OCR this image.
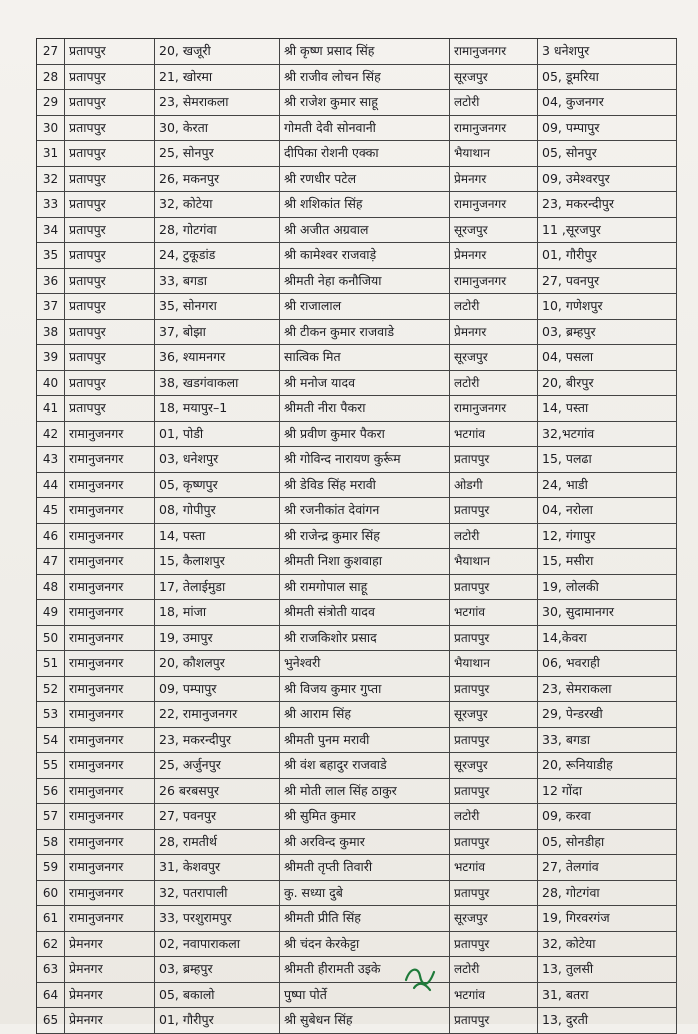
27 प्रतापपुर	20, खजूरी	श्री कृष्ण प्रसाद सिंह	रामानुजनगर	3 धनेशपुर
28 प्रतापपुर	21, खोरमा	श्री राजीव लोचन सिंह	सूरजपुर	05, डूमरिया
29 प्रतापपुर	23, सेमराकला	श्री राजेश कुमार साहू	लटोरी	04, कुजनगर
30 प्रतापपुर	30, केरता	गोमती देवी सोनवानी	रामानुजनगर	09, पम्पापुर
31 प्रतापपुर	25, सोनपुर	दीपिका रोशनी एक्का	भैयाथान	05, सोनपुर
32 प्रतापपुर	26, मकनपुर	श्री रणधीर पटेल	प्रेमनगर	09, उमेश्वरपुर
33 प्रतापपुर	32, कोटेया	श्री शशिकांत सिंह	रामानुजनगर	23, मकरन्दीपुर
34 प्रतापपुर	28, गोटगंवा	श्री अजीत अग्रवाल	सूरजपुर	11 ,सूरजपुर
35 प्रतापपुर	24, टुकूडांड	श्री कामेश्वर राजवाड़े	प्रेमनगर	01, गौरीपुर
36 प्रतापपुर	33, बगडा	श्रीमती नेहा कनौजिया	रामानुजनगर	27, पवनपुर
37 प्रतापपुर	35, सोनगरा	श्री राजालाल	लटोरी	10, गणेशपुर
38 प्रतापपुर	37, बोझा	श्री टीकन कुमार राजवाडे	प्रेमनगर	03, ब्रम्हपुर
39 प्रतापपुर	36, श्यामनगर	सात्विक मित	सूरजपुर	04, पसला
40 प्रतापपुर	38, खडगंवाकला	श्री मनोज यादव	लटोरी	20, बीरपुर
41 प्रतापपुर	18, मयापुर–1	श्रीमती नीरा पैकरा	रामानुजनगर	14, पस्ता
42 रामानुजनगर	01, पोडी	श्री प्रवीण कुमार पैकरा	भटगांव	32,भटगांव
43 रामानुजनगर	03, धनेशपुर	श्री गोविन्द नारायण कुर्रूम	प्रतापपुर	15, पलढा
44 रामानुजनगर	05, कृष्णपुर	श्री डेविड सिंह मरावी	ओडगी	24, भाडी
45 रामानुजनगर	08, गोपीपुर	श्री रजनीकांत देवांगन	प्रतापपुर	04, नरोला
46 रामानुजनगर	14, पस्ता	श्री राजेन्द्र कुमार सिंह	लटोरी	12, गंगापुर
47 रामानुजनगर	15, कैलाशपुर	श्रीमती निशा कुशवाहा	भैयाथान	15, मसीरा
48 रामानुजनगर	17, तेलाईमुडा	श्री रामगोपाल साहू	प्रतापपुर	19, लोलकी
49 रामानुजनगर	18, मांजा	श्रीमती संत्रोती यादव	भटगांव	30, सुदामानगर
50 रामानुजनगर	19, उमापुर	श्री राजकिशोर प्रसाद	प्रतापपुर	14,केवरा
51 रामानुजनगर	20, कौशलपुर	भुनेश्वरी	भैयाथान	06, भवराही
52 रामानुजनगर	09, पम्पापुर	श्री विजय कुमार गुप्ता	प्रतापपुर	23, सेमराकला
53 रामानुजनगर	22, रामानुजनगर	श्री आराम सिंह	सूरजपुर	29, पेन्डरखी
54 रामानुजनगर	23, मकरन्दीपुर	श्रीमती पुनम मरावी	प्रतापपुर	33, बगडा
55 रामानुजनगर	25, अर्जुनपुर	श्री वंश बहादुर राजवाडे	सूरजपुर	20, रूनियाडीह
56 रामानुजनगर	26 बरबसपुर	श्री मोती लाल सिंह ठाकुर	प्रतापपुर	12 गोंदा
57 रामानुजनगर	27, पवनपुर	श्री सुमित कुमार	लटोरी	09, करवा
58 रामानुजनगर	28, रामतीर्थ	श्री अरविन्द कुमार	प्रतापपुर	05, सोनडीहा
59 रामानुजनगर	31, केशवपुर	श्रीमती तृप्ती तिवारी	भटगांव	27, तेलगांव
60 रामानुजनगर	32, पतरापाली	कु. सध्या दुबे	प्रतापपुर	28, गोटगंवा
61 रामानुजनगर	33, परशुरामपुर	श्रीमती प्रीति सिंह	सूरजपुर	19, गिरवरगंज
62 प्रेमनगर	02, नवापाराकला	श्री चंदन केरकेट्टा	प्रतापपुर	32, कोटेया
63 प्रेमनगर	03, ब्रम्हपुर	श्रीमती हीरामती उइके	लटोरी	13, तुलसी
64 प्रेमनगर	05, बकालो	पुष्पा पोर्ते	भटगांव	31, बतरा
65 प्रेमनगर	01, गौरीपुर	श्री सुबेधन सिंह	प्रतापपुर	13, दुरती
